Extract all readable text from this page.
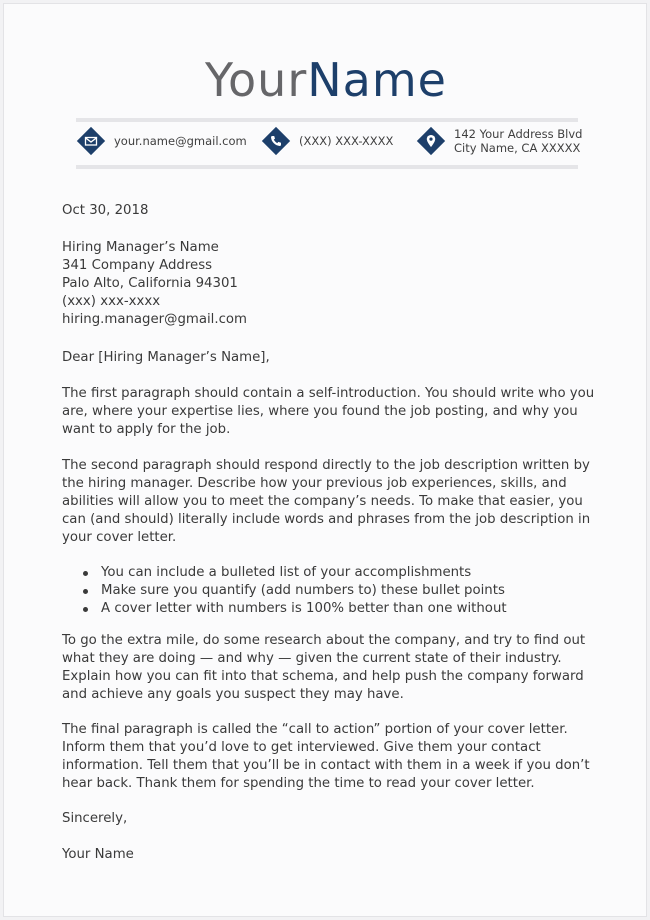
YourName
your.name@gmail.com	(XXX) XXX-XXXX	142 Your Address Blvd
City Name, CA XXXXX
Oct 30, 2018
Hiring Manager’s Name
341 Company Address
Palo Alto, California 94301
(xxx) xxx-xxxx
hiring.manager@gmail.com
Dear [Hiring Manager’s Name],
The first paragraph should contain a self-introduction. You should write who you
are, where your expertise lies, where you found the job posting, and why you
want to apply for the job.
The second paragraph should respond directly to the job description written by
the hiring manager. Describe how your previous job experiences, skills, and
abilities will allow you to meet the company’s needs. To make that easier, you
can (and should) literally include words and phrases from the job description in
your cover letter.
You can include a bulleted list of your accomplishments
Make sure you quantify (add numbers to) these bullet points
A cover letter with numbers is 100% better than one without
To go the extra mile, do some research about the company, and try to find out
what they are doing — and why — given the current state of their industry.
Explain how you can fit into that schema, and help push the company forward
and achieve any goals you suspect they may have.
The final paragraph is called the “call to action” portion of your cover letter.
Inform them that you’d love to get interviewed. Give them your contact
information. Tell them that you’ll be in contact with them in a week if you don’t
hear back. Thank them for spending the time to read your cover letter.
Sincerely,
Your Name
